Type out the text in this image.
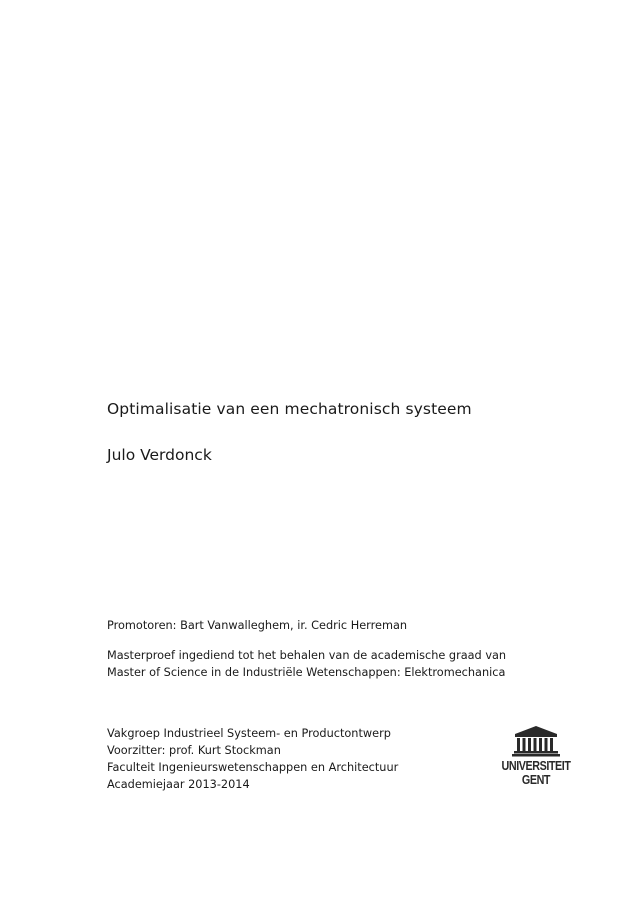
Optimalisatie van een mechatronisch systeem
Julo Verdonck
Promotoren: Bart Vanwalleghem, ir. Cedric Herreman
Masterproef ingediend tot het behalen van de academische graad van
Master of Science in de Industriële Wetenschappen: Elektromechanica
Vakgroep Industrieel Systeem- en Productontwerp
Voorzitter: prof. Kurt Stockman
Faculteit Ingenieurswetenschappen en Architectuur
Academiejaar 2013-2014
UNIVERSITEIT
GENT
